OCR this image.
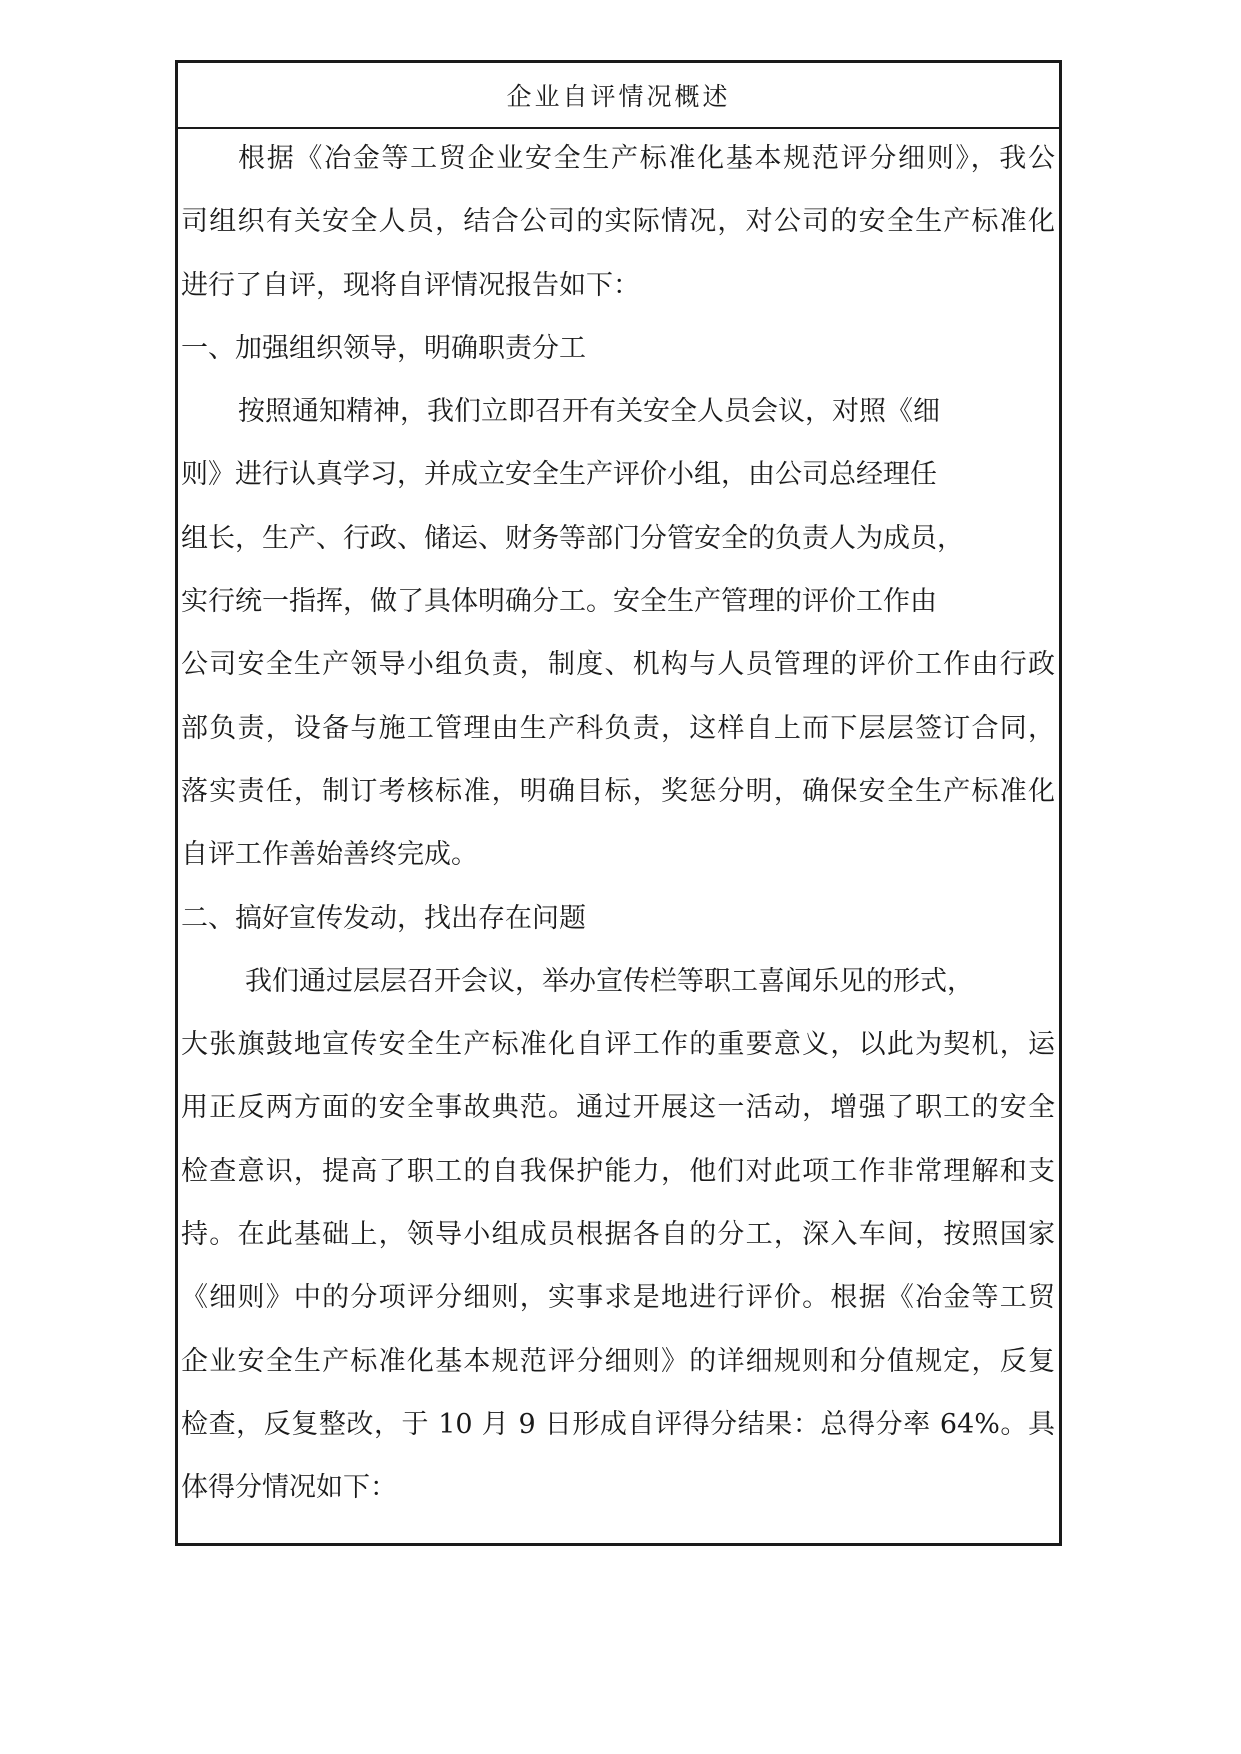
企业自评情况概述
根据《冶金等工贸企业安全生产标准化基本规范评分细则》，我公
司组织有关安全人员，结合公司的实际情况，对公司的安全生产标准化
进行了自评，现将自评情况报告如下：
一、加强组织领导，明确职责分工
按照通知精神，我们立即召开有关安全人员会议，对照《细
则》进行认真学习，并成立安全生产评价小组，由公司总经理任
组长，生产、行政、储运、财务等部门分管安全的负责人为成员，
实行统一指挥，做了具体明确分工。安全生产管理的评价工作由
公司安全生产领导小组负责，制度、机构与人员管理的评价工作由行政
部负责，设备与施工管理由生产科负责，这样自上而下层层签订合同，
落实责任，制订考核标准，明确目标，奖惩分明，确保安全生产标准化
自评工作善始善终完成。
二、搞好宣传发动，找出存在问题
我们通过层层召开会议，举办宣传栏等职工喜闻乐见的形式，
大张旗鼓地宣传安全生产标准化自评工作的重要意义，以此为契机，运
用正反两方面的安全事故典范。通过开展这一活动，增强了职工的安全
检查意识，提高了职工的自我保护能力，他们对此项工作非常理解和支
持。在此基础上，领导小组成员根据各自的分工，深入车间，按照国家
《细则》中的分项评分细则，实事求是地进行评价。根据《冶金等工贸
企业安全生产标准化基本规范评分细则》的详细规则和分值规定，反复
检查，反复整改，于 10 月 9 日形成自评得分结果：总得分率 64%。具
体得分情况如下：
